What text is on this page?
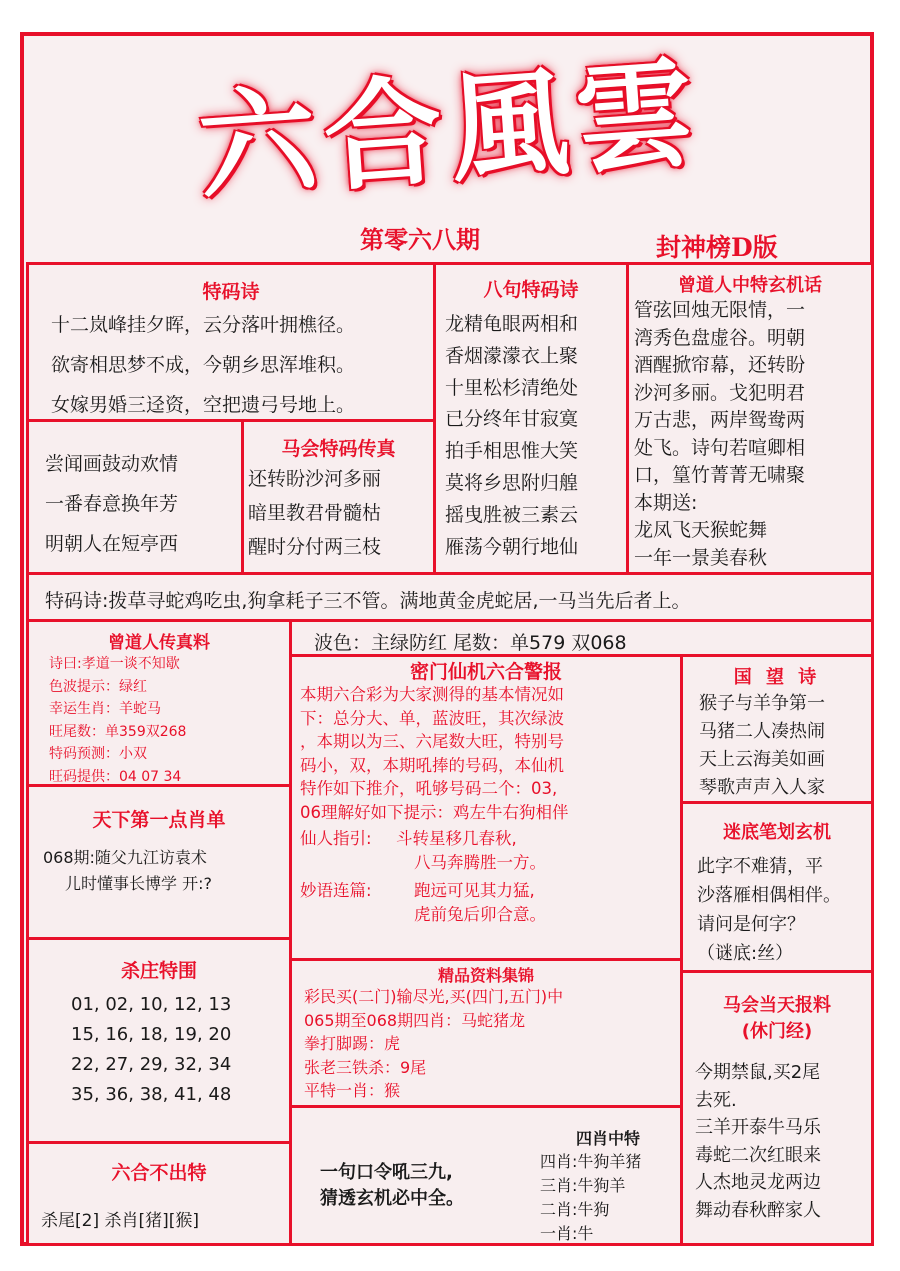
六合風雲
第零六八期	封神榜D版
特码诗
十二岚峰挂夕晖，云分落叶拥樵径。
欲寄相思梦不成，今朝乡思浑堆积。
女嫁男婚三迳资，空把遗弓号地上。
八句特码诗
龙精龟眼两相和
香烟濛濛衣上聚
十里松杉清绝处
已分终年甘寂寞
拍手相思惟大笑
莫将乡思附归艎
摇曳胜被三素云
雁荡今朝行地仙
曾道人中特玄机话
管弦回烛无限情，一
湾秀色盘虚谷。明朝
酒醒掀帘幕，还转盼
沙河多丽。戈犯明君
万古悲，两岸鸳鸯两
处飞。诗句若喧卿相
口，篁竹菁菁无啸聚
本期送:
龙凤飞天猴蛇舞
一年一景美春秋
尝闻画鼓动欢情
一番春意换年芳
明朝人在短亭西
马会特码传真
还转盼沙河多丽
暗里教君骨髓枯
醒时分付两三枝
特码诗:拨草寻蛇鸡吃虫,狗拿耗子三不管。满地黄金虎蛇居,一马当先后者上。
曾道人传真料
诗曰:孝道一谈不知歇
色波提示：绿红
幸运生肖：羊蛇马
旺尾数：单359双268
特码预测：小双
旺码提供：04 07 34
波色：主绿防红 尾数：单579 双068
密门仙机六合警报
本期六合彩为大家测得的基本情况如
下：总分大、单，蓝波旺，其次绿波
，本期以为三、六尾数大旺，特别号
码小，双，本期吼捧的号码，本仙机
特作如下推介，吼够号码二个：03,
06理解好如下提示：鸡左牛右狗相伴
仙人指引: 斗转星移几春秋,
八马奔腾胜一方。
妙语连篇:	跑远可见其力猛,
虎前兔后卯合意。
国 望 诗
猴子与羊争第一
马猪二人凑热闹
天上云海美如画
琴歌声声入人家
天下第一点肖单
068期:随父九江访袁术
儿时懂事长博学 开:?
迷底笔划玄机
此字不难猜，平
沙落雁相偶相伴。
请问是何字？
（谜底:丝）
杀庄特围
01, 02, 10, 12, 13
15, 16, 18, 19, 20
22, 27, 29, 32, 34
35, 36, 38, 41, 48
精品资料集锦
彩民买(二门)输尽光,买(四门,五门)中
065期至068期四肖：马蛇猪龙
拳打脚踢：虎
张老三铁杀：9尾
平特一肖：猴
马会当天报料
(休门经)
今期禁鼠,买2尾
去死.
三羊开泰牛马乐
毒蛇二次红眼来
人杰地灵龙两边
舞动春秋醉家人
一句口令吼三九,
猜透玄机必中全。
四肖中特
四肖:牛狗羊猪
三肖:牛狗羊
二肖:牛狗
一肖:牛
六合不出特
杀尾[2] 杀肖[猪][猴]
